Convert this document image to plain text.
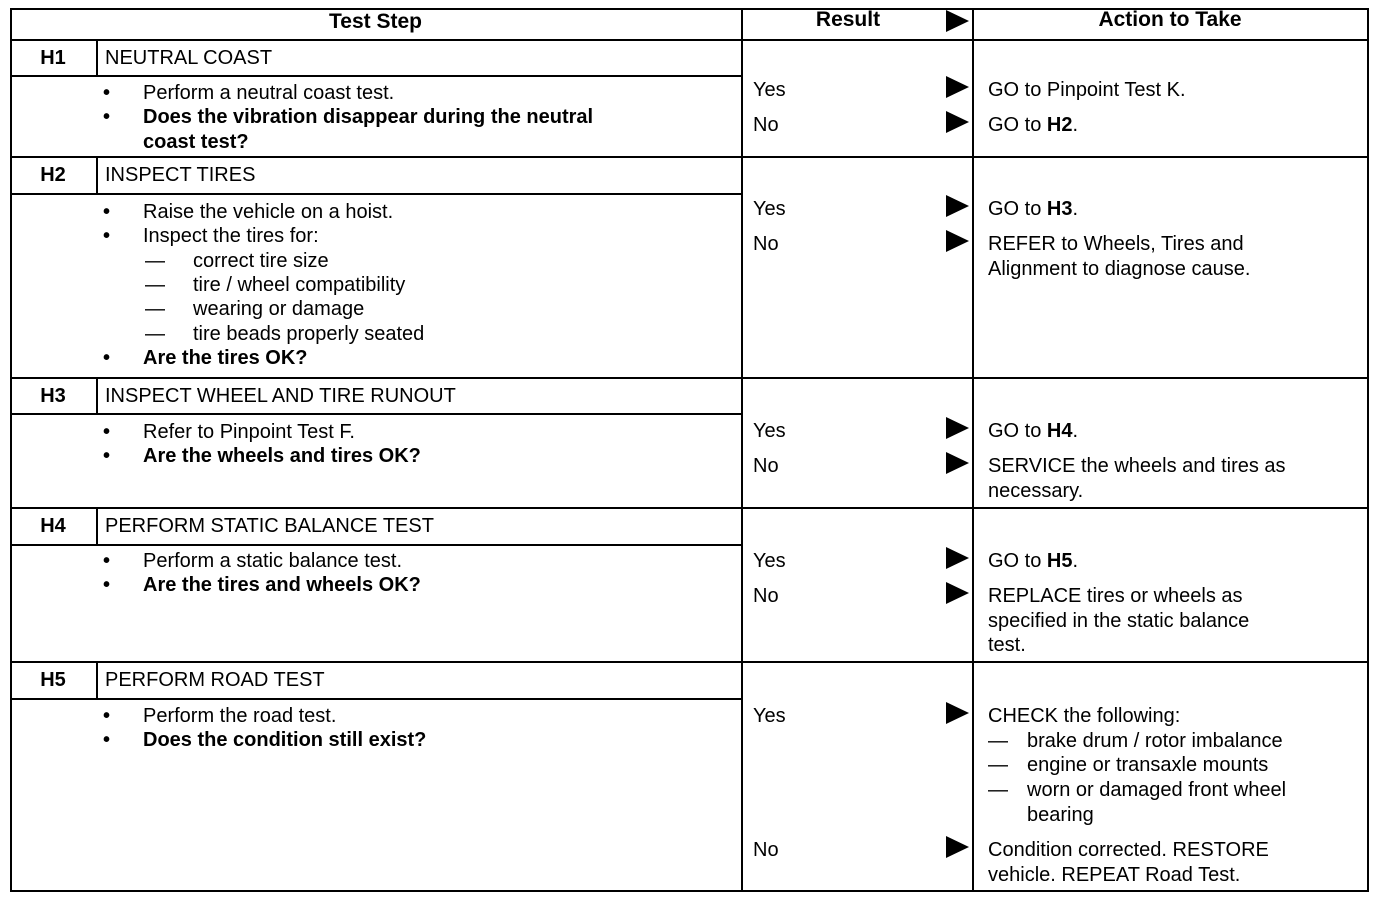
Test Step	Result	Action to Take
H1	NEUTRAL COAST
• Perform a neutral coast test.
• Does the vibration disappear during the neutral
coast test?
Yes	GO to Pinpoint Test K.
No	GO to H2.
H2	INSPECT TIRES
• Raise the vehicle on a hoist.
• Inspect the tires for:
— correct tire size
— tire / wheel compatibility
— wearing or damage
— tire beads properly seated
• Are the tires OK?
Yes	GO to H3.
No	REFER to Wheels, Tires and
Alignment to diagnose cause.
H3	INSPECT WHEEL AND TIRE RUNOUT
• Refer to Pinpoint Test F.
• Are the wheels and tires OK?
Yes	GO to H4.
No	SERVICE the wheels and tires as
necessary.
H4	PERFORM STATIC BALANCE TEST
• Perform a static balance test.
• Are the tires and wheels OK?
Yes	GO to H5.
No	REPLACE tires or wheels as
specified in the static balance
test.
H5	PERFORM ROAD TEST
• Perform the road test.
• Does the condition still exist?
Yes	CHECK the following:
— brake drum / rotor imbalance
— engine or transaxle mounts
— worn or damaged front wheel
bearing
No	Condition corrected. RESTORE
vehicle. REPEAT Road Test.
